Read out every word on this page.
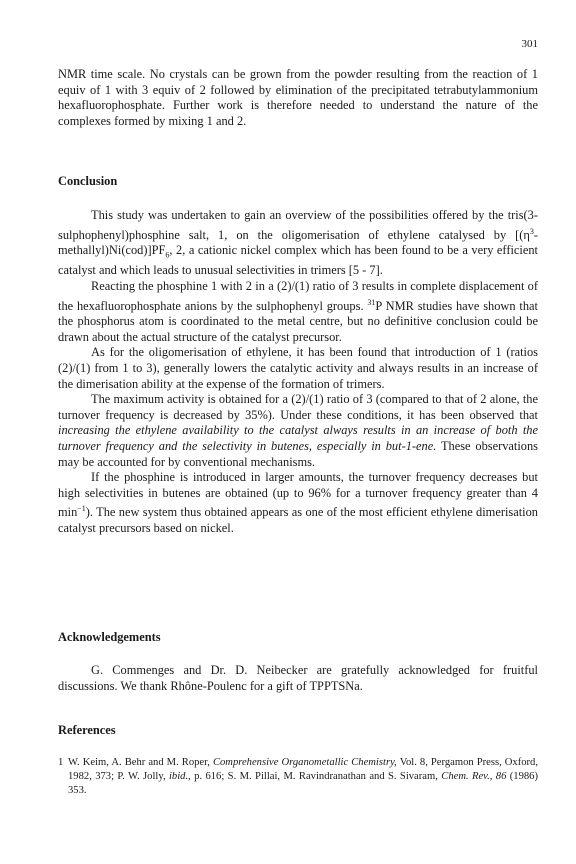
301

NMR time scale. No crystals can be grown from the powder resulting from the reaction of 1 equiv of 1 with 3 equiv of 2 followed by elimination of the precipitated tetrabutylammonium hexafluorophosphate. Further work is therefore needed to understand the nature of the complexes formed by mixing 1 and 2.

Conclusion

This study was undertaken to gain an overview of the possibilities offered by the tris(3-sulphophenyl)phosphine salt, 1, on the oligomerisation of ethylene catalysed by $[(\eta^3-methallyl)Ni(cod)]PF_6$, 2, a cationic nickel complex which has been found to be a very efficient catalyst and which leads to unusual selectivities in trimers [5 - 7].

Reacting the phosphine 1 with 2 in a (2)/(1) ratio of 3 results in complete displacement of the hexafluorophosphate anions by the sulphophenyl groups. $^{31}$P NMR studies have shown that the phosphorus atom is coordinated to the metal centre, but no definitive conclusion could be drawn about the actual structure of the catalyst precursor.

As for the oligomerisation of ethylene, it has been found that introduction of 1 (ratios (2)/(1) from 1 to 3), generally lowers the catalytic activity and always results in an increase of the dimerisation ability at the expense of the formation of trimers.

The maximum activity is obtained for a (2)/(1) ratio of 3 (compared to that of 2 alone, the turnover frequency is decreased by 35%). Under these conditions, it has been observed that increasing the ethylene availability to the catalyst always results in an increase of both the turnover frequency and the selectivity in butenes, especially in but-1-ene. These observations may be accounted for by conventional mechanisms.

If the phosphine is introduced in larger amounts, the turnover frequency decreases but high selectivities in butenes are obtained (up to 96% for a turnover frequency greater than 4 $\min^{-1}$). The new system thus obtained appears as one of the most efficient ethylene dimerisation catalyst precursors based on nickel.

Acknowledgements

G. Commenges and Dr. D. Neibecker are gratefully acknowledged for fruitful discussions. We thank Rhône-Poulenc for a gift of TPPTSNa.

References
1 W. Keim, A. Behr and M. Roper, Comprehensive Organometallic Chemistry, Vol. 8, Pergamon Press, Oxford, 1982, 373; P. W. Jolly, ibid., p. 616; S. M. Pillai, M. Ravindranathan and S. Sivaram, Chem. Rev., 86 (1986) 353.
